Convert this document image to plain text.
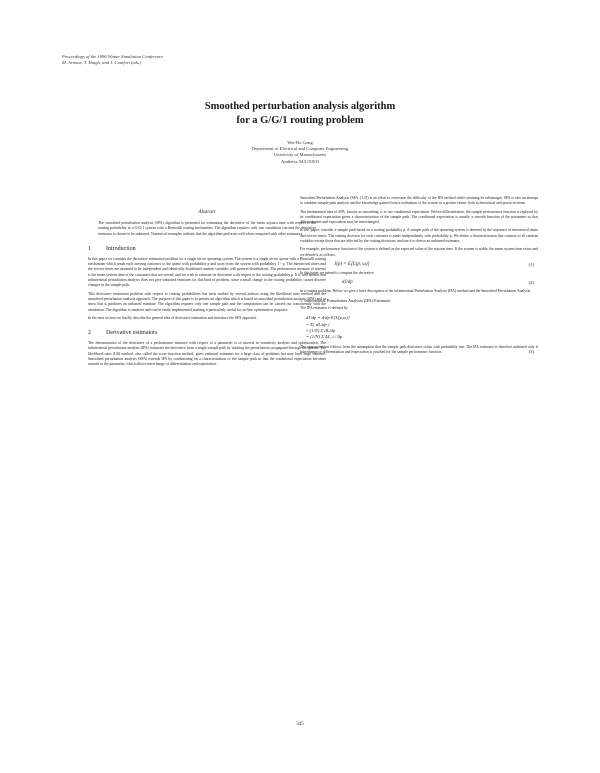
Proceedings of the 1996 Winter Simulation Conference
M. Arnoux, T. Haigh, and J. Comfort (eds.)
Smoothed perturbation analysis algorithm
for a G/G/1 routing problem
Wei-Bo Gong
Department of Electrical and Computer Engineering
University of Massachusetts
Amherst, MA 01003
Abstract

The smoothed perturbation analysis (SPA) algorithm is presented for estimating the derivative of the mean sojourn time with respect to the routing probability in a G/G/1 system with a Bernoulli routing mechanism. The algorithm requires only one simulation run and the derivative estimator is shown to be unbiased. Numerical examples indicate that the algorithm performs well when compared with other estimators.

1	Introduction

In this paper we consider the derivative estimation problem for a single server queueing system. The system is a single server queue with a Bernoulli routing mechanism which sends each arriving customer to the queue with probability p and away from the system with probability 1 - p. The interarrival times and the service times are assumed to be independent and identically distributed random variables with general distributions. The performance measure of interest is the mean system time of the customers that are served, and we wish to estimate its derivative with respect to the routing probability p. It is well known that infinitesimal perturbation analysis does not give unbiased estimates for this kind of problem, since a small change in the routing probability causes discrete changes in the sample path.

This derivative estimation problem with respect to routing probabilities has been studied by several authors using the likelihood ratio method and the smoothed perturbation analysis approach. The purpose of this paper is to present an algorithm which is based on smoothed perturbation analysis (SPA) and to show that it produces an unbiased estimate. The algorithm requires only one sample path and the computation can be carried out concurrently with the simulation. The algorithm is intuitive and can be easily implemented, making it particularly useful for on-line optimization purposes.

In the next section we briefly describe the general idea of derivative estimation and introduce the SPA approach.

2	Derivative estimators

The determination of the derivative of a performance measure with respect to a parameter is of interest in sensitivity analysis and optimization. The infinitesimal perturbation analysis (IPA) estimates the derivative from a single sample path by tracking the perturbations propagated through the system. The likelihood ratio (LR) method, also called the score function method, gives unbiased estimates for a large class of problems but may have large variance. Smoothed perturbation analysis (SPA) extends IPA by conditioning on a characterization of the sample path so that the conditional expectation becomes smooth in the parameter, which allows interchange of differentiation and expectation.

Smoothed Perturbation Analysis (SPA, [1,5]) is an effort to overcome the difficulty of the IPA method while retaining its advantages. SPA is also an attempt to combine sample path analysis and the knowledge gained from a realization of the system to a greater extent, both in theoretical and practical terms.

The fundamental idea of SPA, known as smoothing, is to use conditional expectation. Before differentiation, the sample performance function is replaced by its conditional expectation given a characterization of the sample path. The conditional expectation is usually a smooth function of the parameter so that differentiation and expectation may be interchanged.

In this paper, consider a sample path based on a routing probability p. A sample path of the queueing system is denoted by the sequence of interarrival times and service times. The routing decision for each customer is made independently with probability p. We define a characterization that consists of all random variables except those that are affected by the routing decisions, and use it to derive an unbiased estimator.

For example, performance function of the system is defined as the expected value of the sojourn time. If the system is stable, the mean system time exists and we denote it as follows.

J(p) = E[L(p, ω)]	(1)

In this paper we intend to compute the derivative

dJ/dp	(2)

in a routing problem. Below we give a brief description of the Infinitesimal Perturbation Analysis (IPA) method and the Smoothed Perturbation Analysis.

1. Infinitesimal Perturbation Analysis (IPA) Estimator

The IPA estimator is defined by

dJ/dp = d/dp E[L(p,ω)]
= E[ dL/dp ]
≈ (1/N) Σ dL/dp
= (1/N) Σ ΔL_i / Δp
(3)

The approximation follows from the assumption that the sample path derivative exists with probability one. The IPA estimator is therefore unbiased only if interchange of differentiation and expectation is justified for the sample performance function.

345
